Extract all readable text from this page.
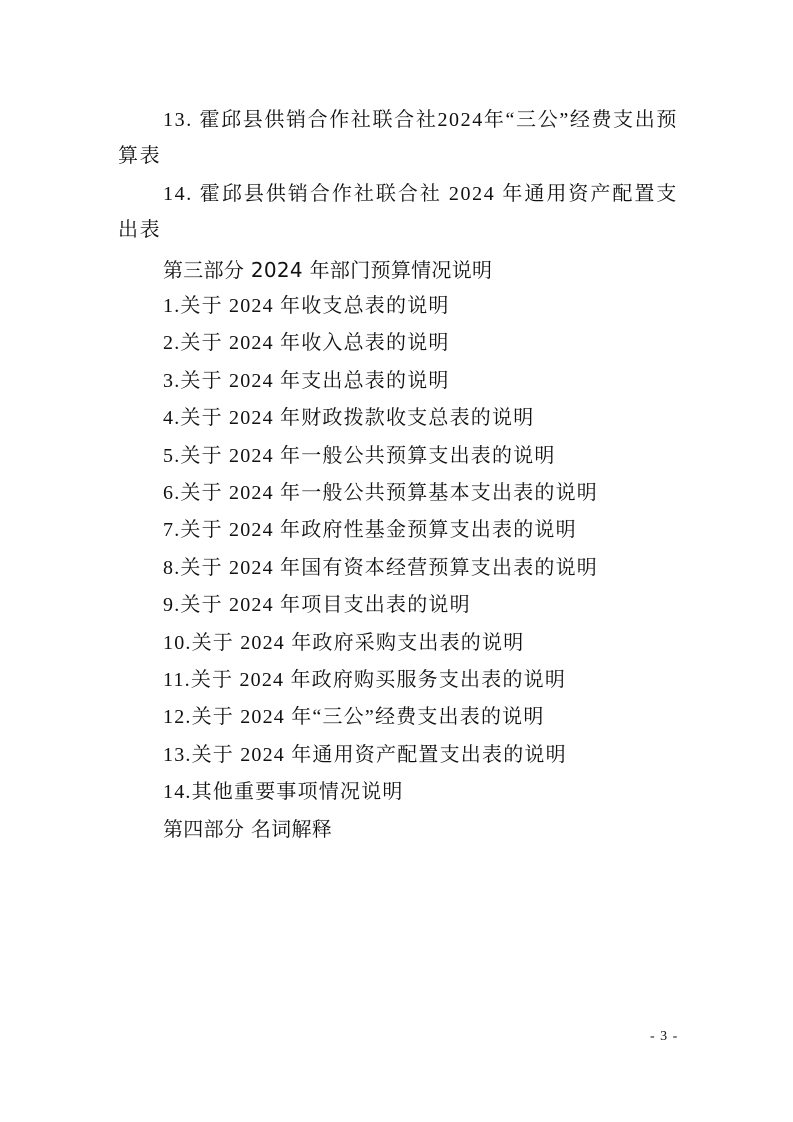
13. 霍邱县供销合作社联合社2024年“三公”经费支出预算表

14. 霍邱县供销合作社联合社 2024 年通用资产配置支出表

第三部分 2024 年部门预算情况说明
1.关于 2024 年收支总表的说明
2.关于 2024 年收入总表的说明
3.关于 2024 年支出总表的说明
4.关于 2024 年财政拨款收支总表的说明
5.关于 2024 年一般公共预算支出表的说明
6.关于 2024 年一般公共预算基本支出表的说明
7.关于 2024 年政府性基金预算支出表的说明
8.关于 2024 年国有资本经营预算支出表的说明
9.关于 2024 年项目支出表的说明
10.关于 2024 年政府采购支出表的说明
11.关于 2024 年政府购买服务支出表的说明
12.关于 2024 年“三公”经费支出表的说明
13.关于 2024 年通用资产配置支出表的说明
14.其他重要事项情况说明
第四部分 名词解释
- 3 -
